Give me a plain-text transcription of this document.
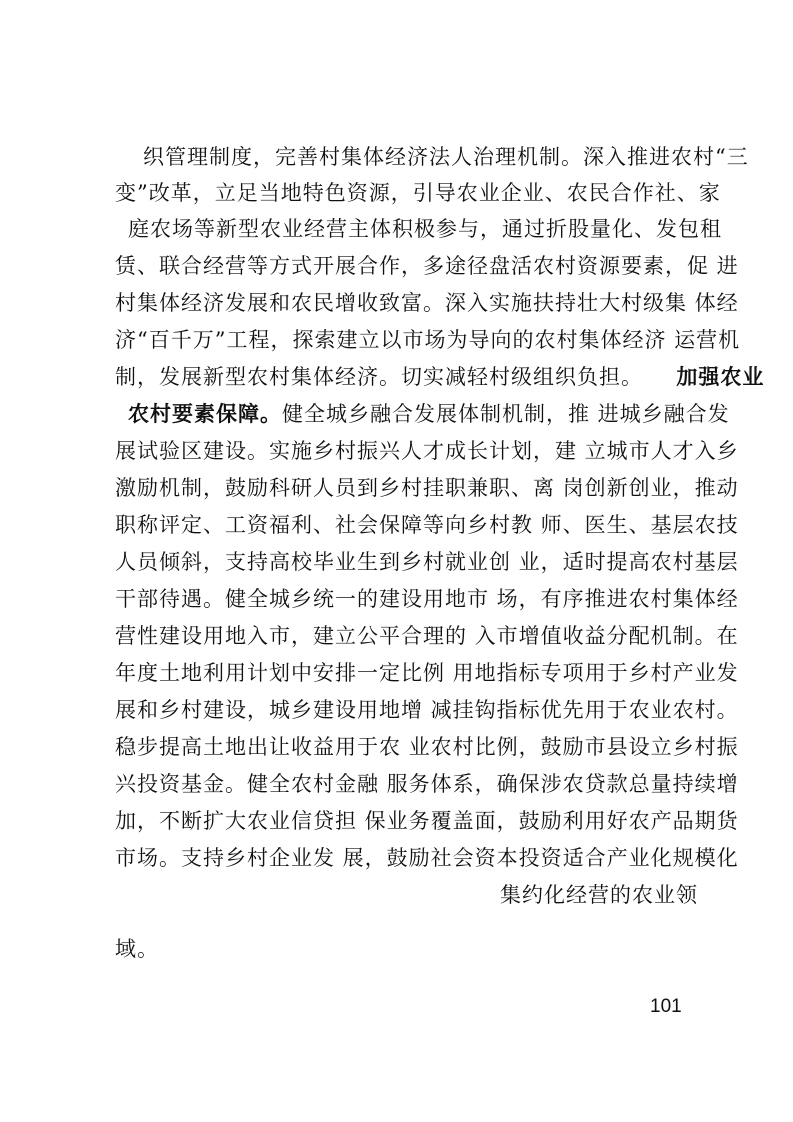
织管理制度，完善村集体经济法人治理机制。深入推进农村“三
变”改革，立足当地特色资源，引导农业企业、农民合作社、家
庭农场等新型农业经营主体积极参与，通过折股量化、发包租
赁、联合经营等方式开展合作，多途径盘活农村资源要素，促 进
村集体经济发展和农民增收致富。深入实施扶持壮大村级集 体经
济“百千万”工程，探索建立以市场为导向的农村集体经济 运营机
制，发展新型农村集体经济。切实减轻村级组织负担。 加强农业
农村要素保障。健全城乡融合发展体制机制，推 进城乡融合发
展试验区建设。实施乡村振兴人才成长计划，建 立城市人才入乡
激励机制，鼓励科研人员到乡村挂职兼职、离 岗创新创业，推动
职称评定、工资福利、社会保障等向乡村教 师、医生、基层农技
人员倾斜，支持高校毕业生到乡村就业创 业，适时提高农村基层
干部待遇。健全城乡统一的建设用地市 场，有序推进农村集体经
营性建设用地入市，建立公平合理的 入市增值收益分配机制。在
年度土地利用计划中安排一定比例 用地指标专项用于乡村产业发
展和乡村建设，城乡建设用地增 减挂钩指标优先用于农业农村。
稳步提高土地出让收益用于农 业农村比例，鼓励市县设立乡村振
兴投资基金。健全农村金融 服务体系，确保涉农贷款总量持续增
加，不断扩大农业信贷担 保业务覆盖面，鼓励利用好农产品期货
市场。支持乡村企业发 展，鼓励社会资本投资适合产业化规模化
集约化经营的农业领
域。
101
